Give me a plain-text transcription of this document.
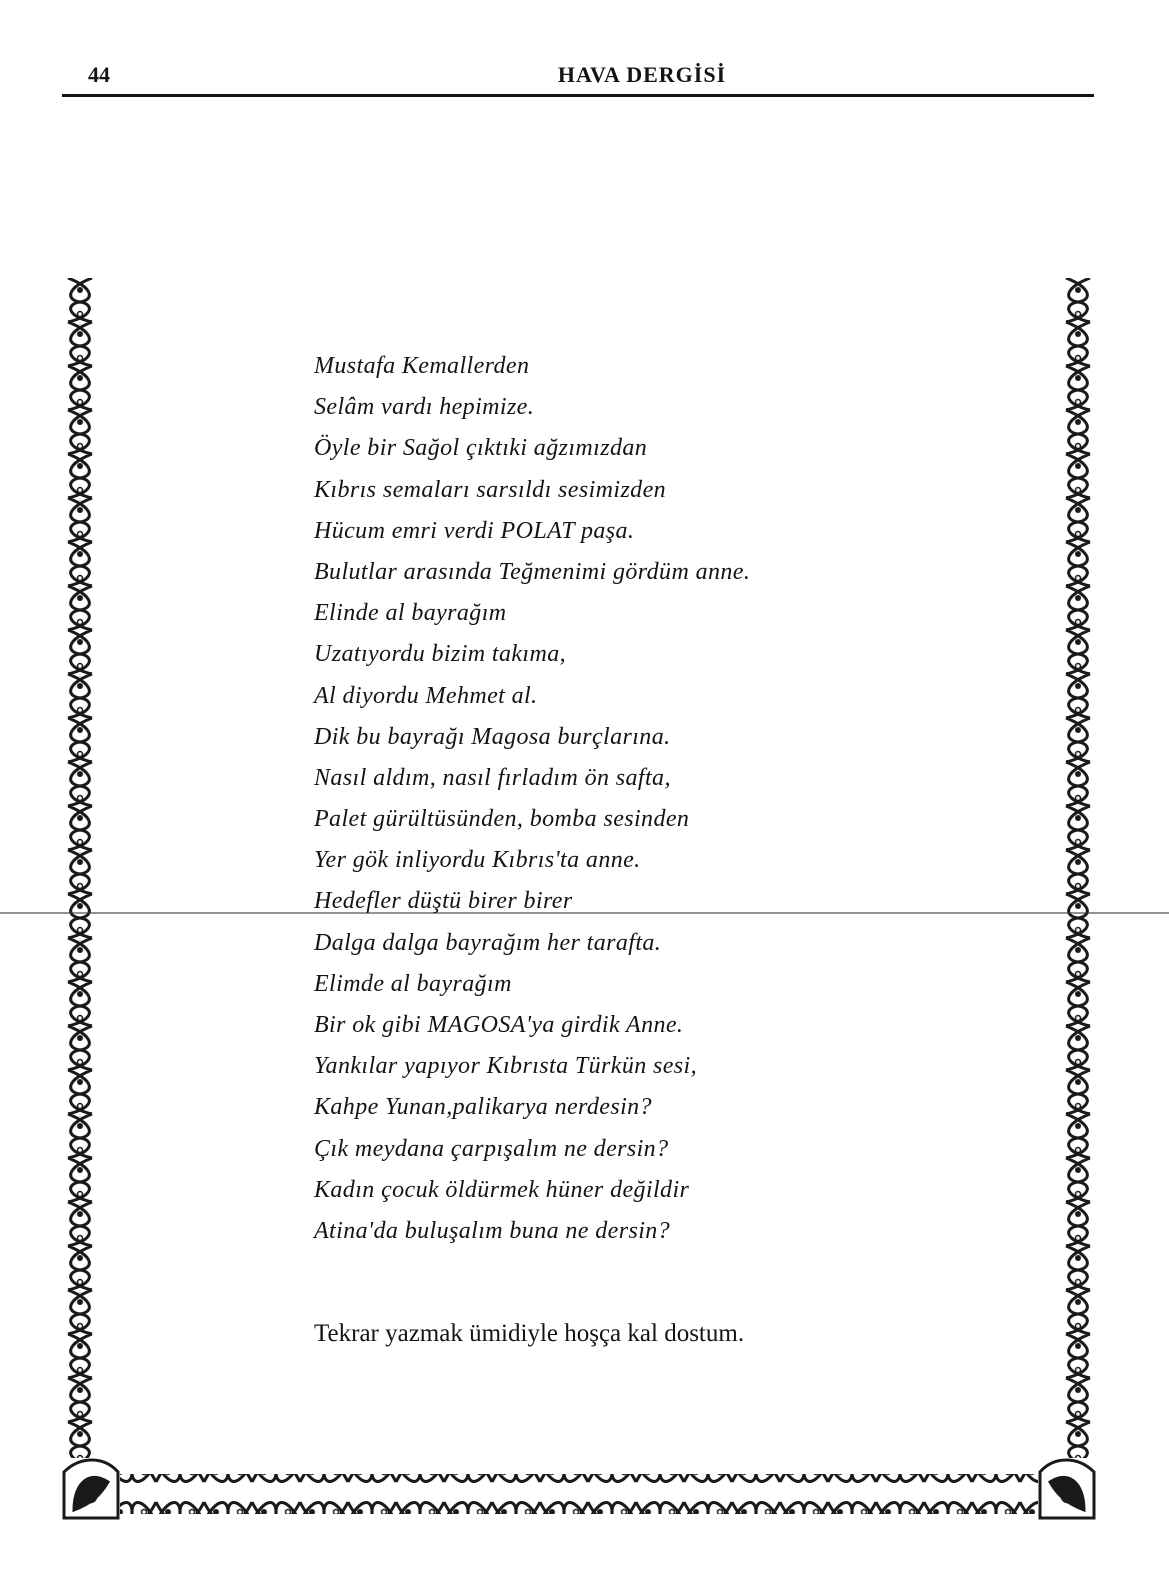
44	HAVA DERGİSİ
Mustafa Kemallerden
Selâm vardı hepimize.
Öyle bir Sağol çıktıki ağzımızdan
Kıbrıs semaları sarsıldı sesimizden
Hücum emri verdi POLAT paşa.
Bulutlar arasında Teğmenimi gördüm anne.
Elinde al bayrağım
Uzatıyordu bizim takıma,
Al diyordu Mehmet al.
Dik bu bayrağı Magosa burçlarına.
Nasıl aldım, nasıl fırladım ön safta,
Palet gürültüsünden, bomba sesinden
Yer gök inliyordu Kıbrıs'ta anne.
Hedefler düştü birer birer
Dalga dalga bayrağım her tarafta.
Elimde al bayrağım
Bir ok gibi MAGOSA'ya girdik Anne.
Yankılar yapıyor Kıbrısta Türkün sesi,
Kahpe Yunan,palikarya nerdesin?
Çık meydana çarpışalım ne dersin?
Kadın çocuk öldürmek hüner değildir
Atina'da buluşalım buna ne dersin?
Tekrar yazmak ümidiyle hoşça kal dostum.
